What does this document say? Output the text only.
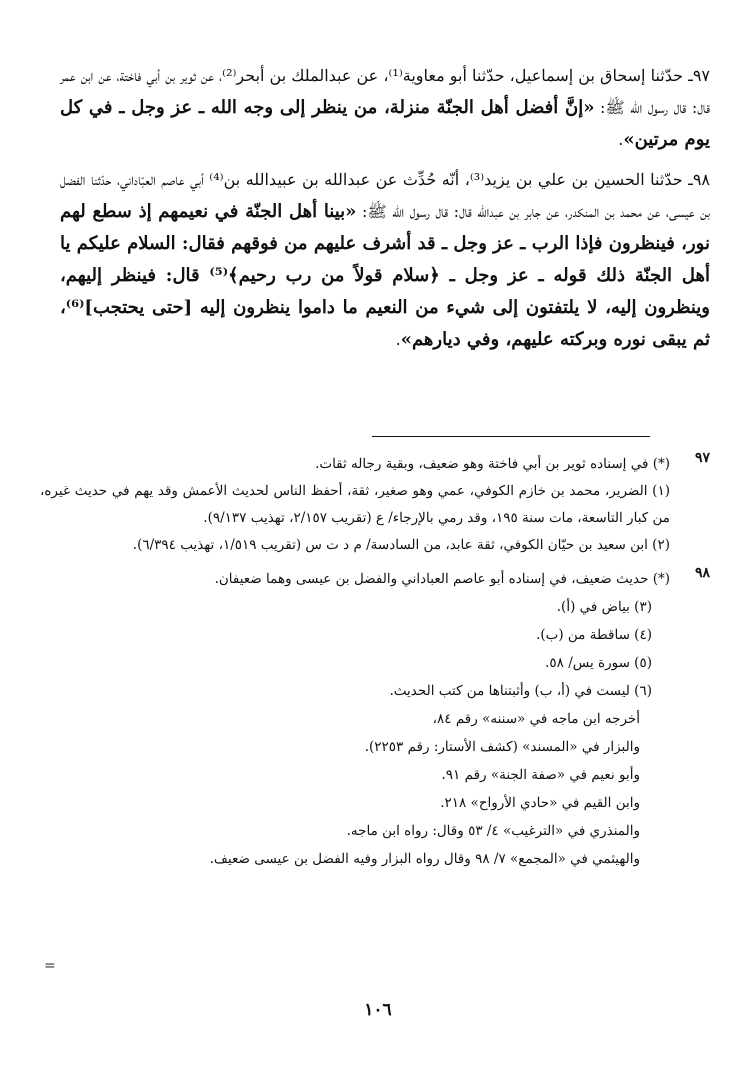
٩٧ـ حدّثنا إسحاق بن إسماعيل، حدّثنا أبو معاوية⁽¹⁾، عن عبدالملك بن أبحر⁽²⁾، عن ثوير بن أبي فاختة، عن ابن عمر قال: قال رسول الله ﷺ: «إنَّ أفضل أهل الجنّة منزلة، من ينظر إلى وجه الله ـ عز وجل ـ في كل يوم مرتين».

٩٨ـ حدّثنا الحسين بن علي بن يزيد⁽³⁾، أنّه حُدِّث عن عبدالله بن عبيدالله بن⁽⁴⁾ أبي عاصم العبّاداني، حدّثنا الفضل بن عيسى، عن محمد بن المنكدر، عن جابر بن عبدالله قال: قال رسول الله ﷺ: «بينا أهل الجنّة في نعيمهم إذ سطع لهم نور، فينظرون فإذا الرب ـ عز وجل ـ قد أشرف عليهم من فوقهم فقال: السلام عليكم يا أهل الجنّة ذلك قوله ـ عز وجل ـ ﴿سلام قولاً من رب رحيم﴾⁽⁵⁾ قال: فينظر إليهم، وينظرون إليه، لا يلتفتون إلى شيء من النعيم ما داموا ينظرون إليه [حتى يحتجب]⁽⁶⁾، ثم يبقى نوره وبركته عليهم، وفي ديارهم».

٩٧
(*) في إسناده ثوير بن أبي فاختة وهو ضعيف، وبقية رجاله ثقات.
(١) الضرير، محمد بن خازم الكوفي، عمي وهو صغير، ثقة، أحفظ الناس لحديث الأعمش وقد يهم في حديث غيره، من كبار التاسعة، مات سنة ١٩٥، وقد رمي بالإرجاء/ ع (تقريب ٢/١٥٧، تهذيب ٩/١٣٧).
(٢) ابن سعيد بن حيّان الكوفي، ثقة عابد، من السادسة/ م د ت س (تقريب ١/٥١٩، تهذيب ٦/٣٩٤).
٩٨
(*) حديث ضعيف، في إسناده أبو عاصم العباداني والفضل بن عيسى وهما ضعيفان.
(٣) بياض في (أ).
(٤) ساقطة من (ب).
(٥) سورة يس/ ٥٨.
(٦) ليست في (أ، ب) وأثبتناها من كتب الحديث.
أخرجه ابن ماجه في «سننه» رقم ٨٤،
والبزار في «المسند» (كشف الأستار: رقم ٢٢٥٣).
وأبو نعيم في «صفة الجنة» رقم ٩١.
وابن القيم في «حادي الأرواح» ٢١٨.
والمنذري في «الترغيب» ٤/ ٥٣ وقال: رواه ابن ماجه.
والهيثمي في «المجمع» ٧/ ٩٨ وقال رواه البزار وفيه الفضل بن عيسى ضعيف.
١٠٦
=
